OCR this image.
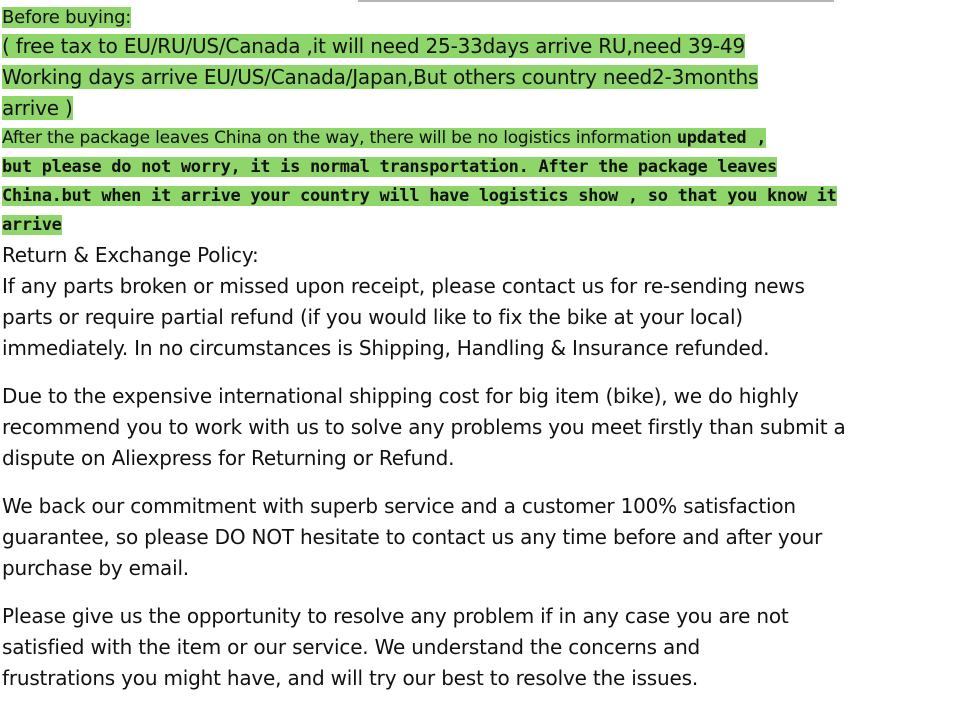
Before buying:
( free tax to EU/RU/US/Canada ,it will need 25-33days arrive RU,need 39-49
Working days arrive EU/US/Canada/Japan,But others country need2-3months
arrive )
After the package leaves China on the way, there will be no logistics information updated ,
but please do not worry, it is normal transportation. After the package leaves
China.but when it arrive your country will have logistics show , so that you know it
arrive
Return & Exchange Policy:
If any parts broken or missed upon receipt, please contact us for re-sending news
parts or require partial refund (if you would like to fix the bike at your local)
immediately. In no circumstances is Shipping, Handling & Insurance refunded.
Due to the expensive international shipping cost for big item (bike), we do highly
recommend you to work with us to solve any problems you meet firstly than submit a
dispute on Aliexpress for Returning or Refund.
We back our commitment with superb service and a customer 100% satisfaction
guarantee, so please DO NOT hesitate to contact us any time before and after your
purchase by email.
Please give us the opportunity to resolve any problem if in any case you are not
satisfied with the item or our service. We understand the concerns and
frustrations you might have, and will try our best to resolve the issues.
